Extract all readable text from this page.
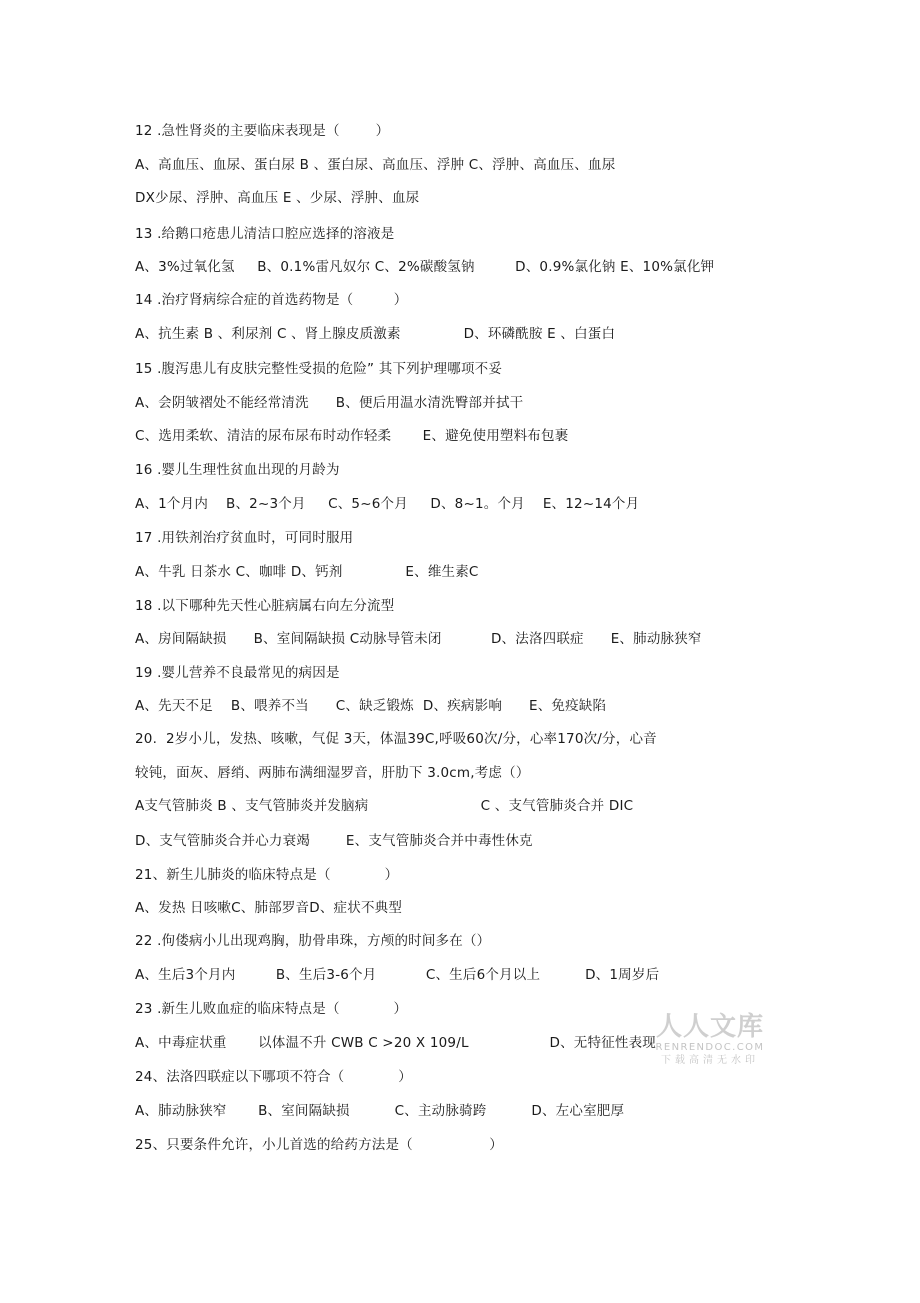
12 .急性肾炎的主要临床表现是（        ）
A、高血压、血尿、蛋白尿 B 、蛋白尿、高血压、浮肿 C、浮肿、高血压、血尿
DX少尿、浮肿、高血压 E 、少尿、浮肿、血尿
13 .给鹅口疮患儿清洁口腔应选择的溶液是
A、3%过氧化氢     B、0.1%雷凡奴尔 C、2%碳酸氢钠         D、0.9%氯化钠 E、10%氯化钾
14 .治疗肾病综合症的首选药物是（         ）
A、抗生素 B 、利尿剂 C 、肾上腺皮质激素              D、环磷酰胺 E 、白蛋白
15 .腹泻患儿有皮肤完整性受损的危险” 其下列护理哪项不妥
A、会阴皱褶处不能经常清洗      B、便后用温水清洗臀部并拭干
C、选用柔软、清洁的尿布尿布时动作轻柔       E、避免使用塑料布包裹
16 .婴儿生理性贫血出现的月龄为
A、1个月内    B、2~3个月     C、5~6个月     D、8~1。个月    E、12~14个月
17 .用铁剂治疗贫血时，可同时服用
A、牛乳 日茶水 C、咖啡 D、钙剂              E、维生素C
18 .以下哪种先天性心脏病属右向左分流型
A、房间隔缺损      B、室间隔缺损 C动脉导管未闭           D、法洛四联症      E、肺动脉狭窄
19 .婴儿营养不良最常见的病因是
A、先天不足    B、喂养不当      C、缺乏锻炼  D、疾病影响      E、免疫缺陷
20.  2岁小儿，发热、咳嗽，气促 3天，体温39C,呼吸60次/分，心率170次/分，心音
较钝，面灰、唇绡、两肺布满细湿罗音，肝肋下 3.0cm,考虑（）
A支气管肺炎 B 、支气管肺炎并发脑病                         C 、支气管肺炎合并 DIC
D、支气管肺炎合并心力衰竭        E、支气管肺炎合并中毒性休克
21、新生儿肺炎的临床特点是（            ）
A、发热 日咳嗽C、肺部罗音D、症状不典型
22 .佝偻病小儿出现鸡胸，肋骨串珠，方颅的时间多在（）
A、生后3个月内         B、生后3-6个月           C、生后6个月以上          D、1周岁后
23 .新生儿败血症的临床特点是（            ）
A、中毒症状重       以体温不升 CWB C >20 X 109/L                  D、无特征性表现
24、法洛四联症以下哪项不符合（            ）
A、肺动脉狭窄       B、室间隔缺损          C、主动脉骑跨          D、左心室肥厚
25、只要条件允许，小儿首选的给药方法是（                 ）
人人文库
RENRENDOC.COM
下载高清无水印
